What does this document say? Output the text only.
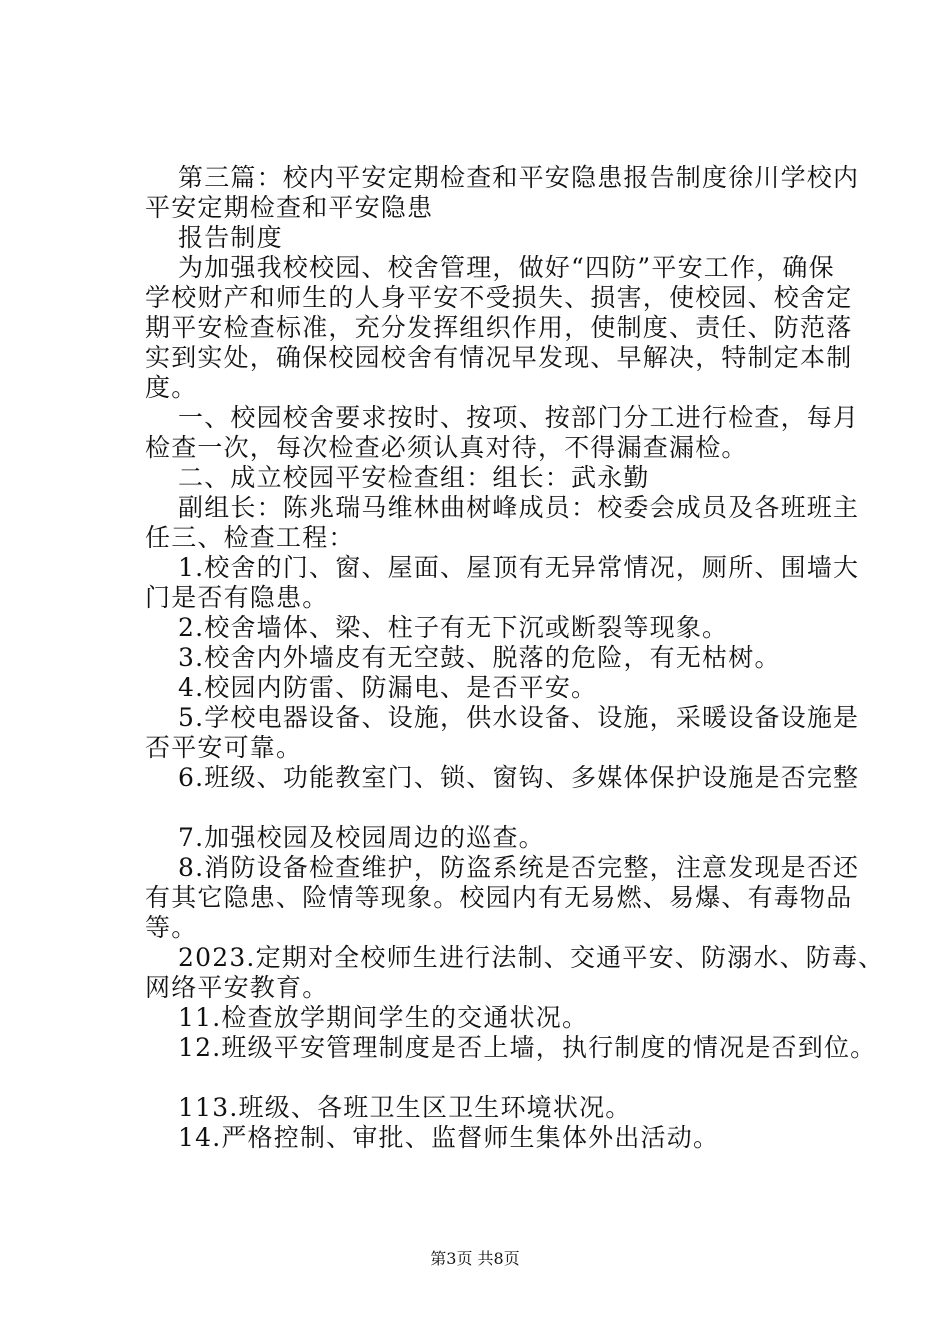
第三篇：校内平安定期检查和平安隐患报告制度徐川学校内
平安定期检查和平安隐患
报告制度
为加强我校校园、校舍管理，做好“四防”平安工作，确保
学校财产和师生的人身平安不受损失、损害，使校园、校舍定
期平安检查标准，充分发挥组织作用，使制度、责任、防范落
实到实处，确保校园校舍有情况早发现、早解决，特制定本制
度。
一、校园校舍要求按时、按项、按部门分工进行检查，每月
检查一次，每次检查必须认真对待，不得漏查漏检。
二、成立校园平安检查组：组长：武永勤
副组长：陈兆瑞马维林曲树峰成员：校委会成员及各班班主
任三、检查工程：
1.校舍的门、窗、屋面、屋顶有无异常情况，厕所、围墙大
门是否有隐患。
2.校舍墙体、梁、柱子有无下沉或断裂等现象。
3.校舍内外墙皮有无空鼓、脱落的危险，有无枯树。
4.校园内防雷、防漏电、是否平安。
5.学校电器设备、设施，供水设备、设施，采暖设备设施是
否平安可靠。
6.班级、功能教室门、锁、窗钩、多媒体保护设施是否完整
7.加强校园及校园周边的巡查。
8.消防设备检查维护，防盗系统是否完整，注意发现是否还
有其它隐患、险情等现象。校园内有无易燃、易爆、有毒物品
等。
2023.定期对全校师生进行法制、交通平安、防溺水、防毒、
网络平安教育。
11.检查放学期间学生的交通状况。
12.班级平安管理制度是否上墙，执行制度的情况是否到位。
113.班级、各班卫生区卫生环境状况。
14.严格控制、审批、监督师生集体外出活动。
第3页 共8页
